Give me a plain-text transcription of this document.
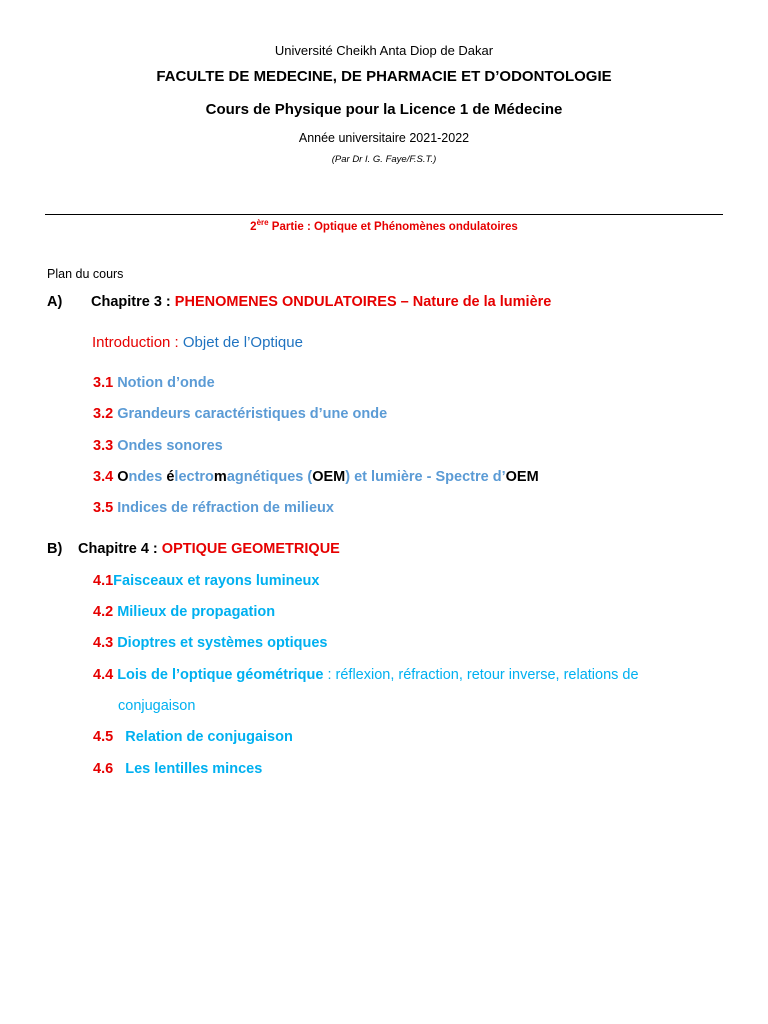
Université Cheikh Anta Diop de Dakar
FACULTE DE MEDECINE, DE PHARMACIE ET D’ODONTOLOGIE
Cours de Physique pour la Licence 1 de Médecine
Année universitaire 2021-2022
(Par Dr I. G. Faye/F.S.T.)
2ère Partie : Optique et Phénomènes ondulatoires
Plan du cours
A) Chapitre 3 : PHENOMENES ONDULATOIRES – Nature de la lumière
Introduction : Objet de l’Optique
3.1 Notion d’onde
3.2 Grandeurs caractéristiques d’une onde
3.3 Ondes sonores
3.4 Ondes électromagnétiques (OEM) et lumière - Spectre d’OEM
3.5 Indices de réfraction de milieux
B) Chapitre 4 : OPTIQUE GEOMETRIQUE
4.1Faisceaux et rayons lumineux
4.2 Milieux de propagation
4.3 Dioptres et systèmes optiques
4.4 Lois de l’optique géométrique : réflexion, réfraction, retour inverse, relations de
conjugaison
4.5   Relation de conjugaison
4.6   Les lentilles minces
